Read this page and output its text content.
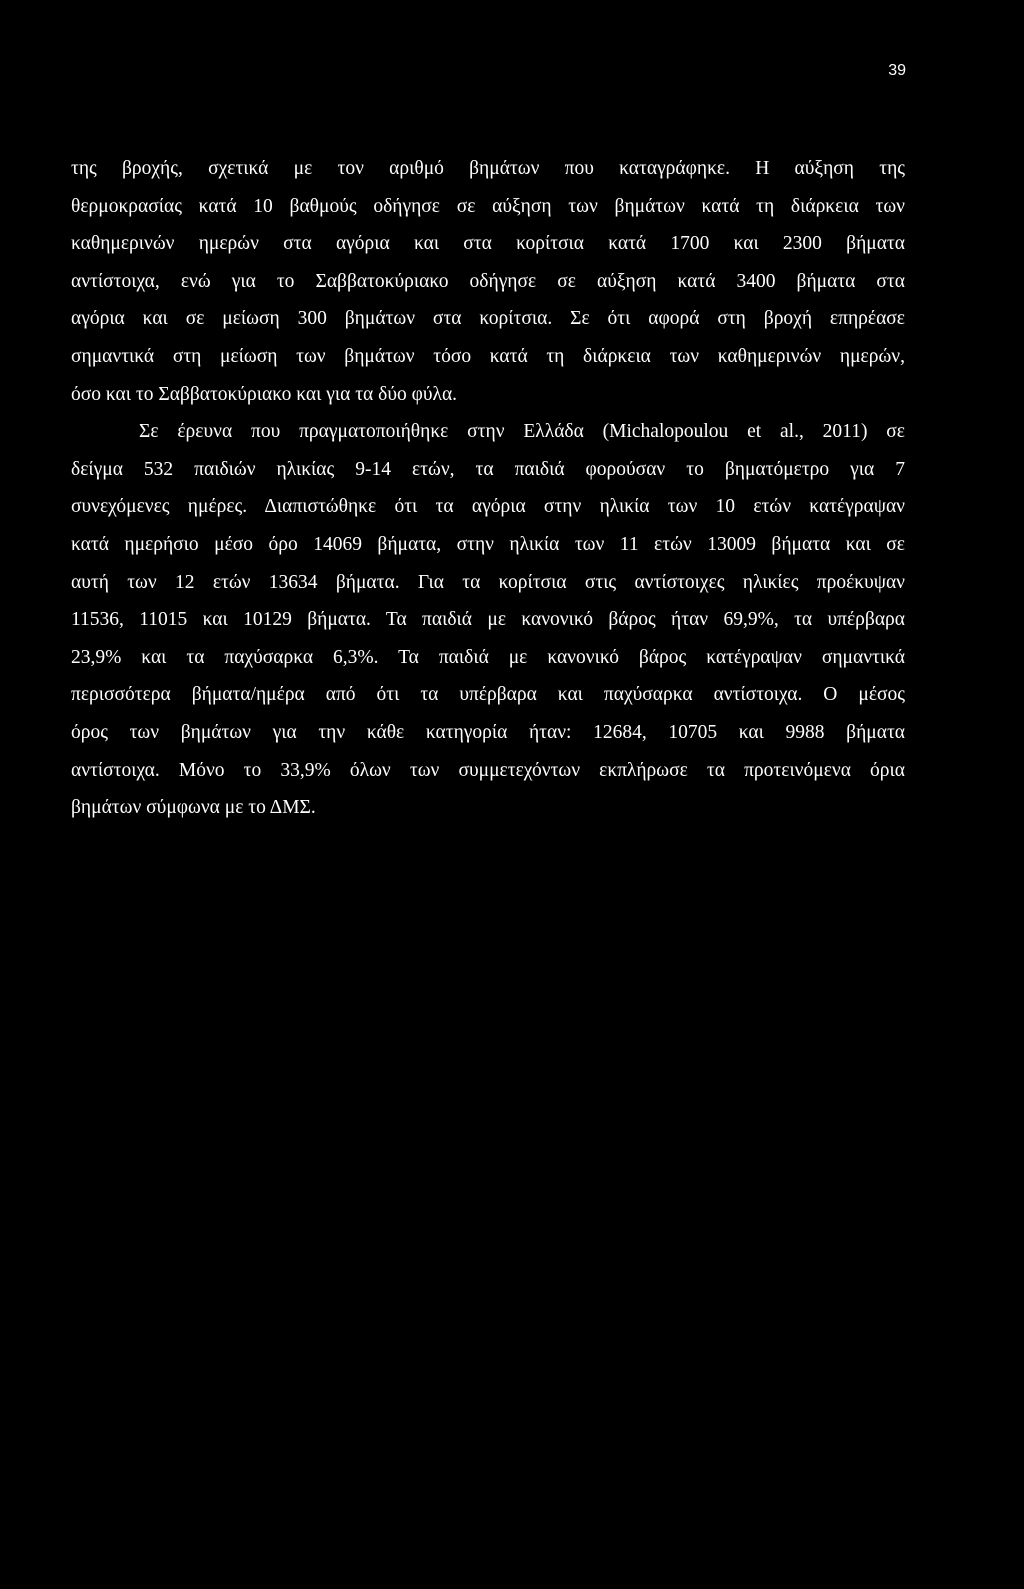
39

της βροχής, σχετικά με τον αριθμό βημάτων που καταγράφηκε. Η αύξηση της
θερμοκρασίας κατά 10 βαθμούς οδήγησε σε αύξηση των βημάτων κατά τη διάρκεια των
καθημερινών ημερών στα αγόρια και στα κορίτσια κατά 1700 και 2300 βήματα
αντίστοιχα, ενώ για το Σαββατοκύριακο οδήγησε σε αύξηση κατά 3400 βήματα στα
αγόρια και σε μείωση 300 βημάτων στα κορίτσια. Σε ότι αφορά στη βροχή επηρέασε
σημαντικά στη μείωση των βημάτων τόσο κατά τη διάρκεια των καθημερινών ημερών,
όσο και το Σαββατοκύριακο και για τα δύο φύλα.

Σε έρευνα που πραγματοποιήθηκε στην Ελλάδα (Michalopoulou et al., 2011) σε
δείγμα 532 παιδιών ηλικίας 9-14 ετών, τα παιδιά φορούσαν το βηματόμετρο για 7
συνεχόμενες ημέρες. Διαπιστώθηκε ότι τα αγόρια στην ηλικία των 10 ετών κατέγραψαν
κατά ημερήσιο μέσο όρο 14069 βήματα, στην ηλικία των 11 ετών 13009 βήματα και σε
αυτή των 12 ετών 13634 βήματα. Για τα κορίτσια στις αντίστοιχες ηλικίες προέκυψαν
11536, 11015 και 10129 βήματα. Τα παιδιά με κανονικό βάρος ήταν 69,9%, τα υπέρβαρα
23,9% και τα παχύσαρκα 6,3%. Τα παιδιά με κανονικό βάρος κατέγραψαν σημαντικά
περισσότερα βήματα/ημέρα από ότι τα υπέρβαρα και παχύσαρκα αντίστοιχα. Ο μέσος
όρος των βημάτων για την κάθε κατηγορία ήταν: 12684, 10705 και 9988 βήματα
αντίστοιχα. Μόνο το 33,9% όλων των συμμετεχόντων εκπλήρωσε τα προτεινόμενα όρια
βημάτων σύμφωνα με το ΔΜΣ.
